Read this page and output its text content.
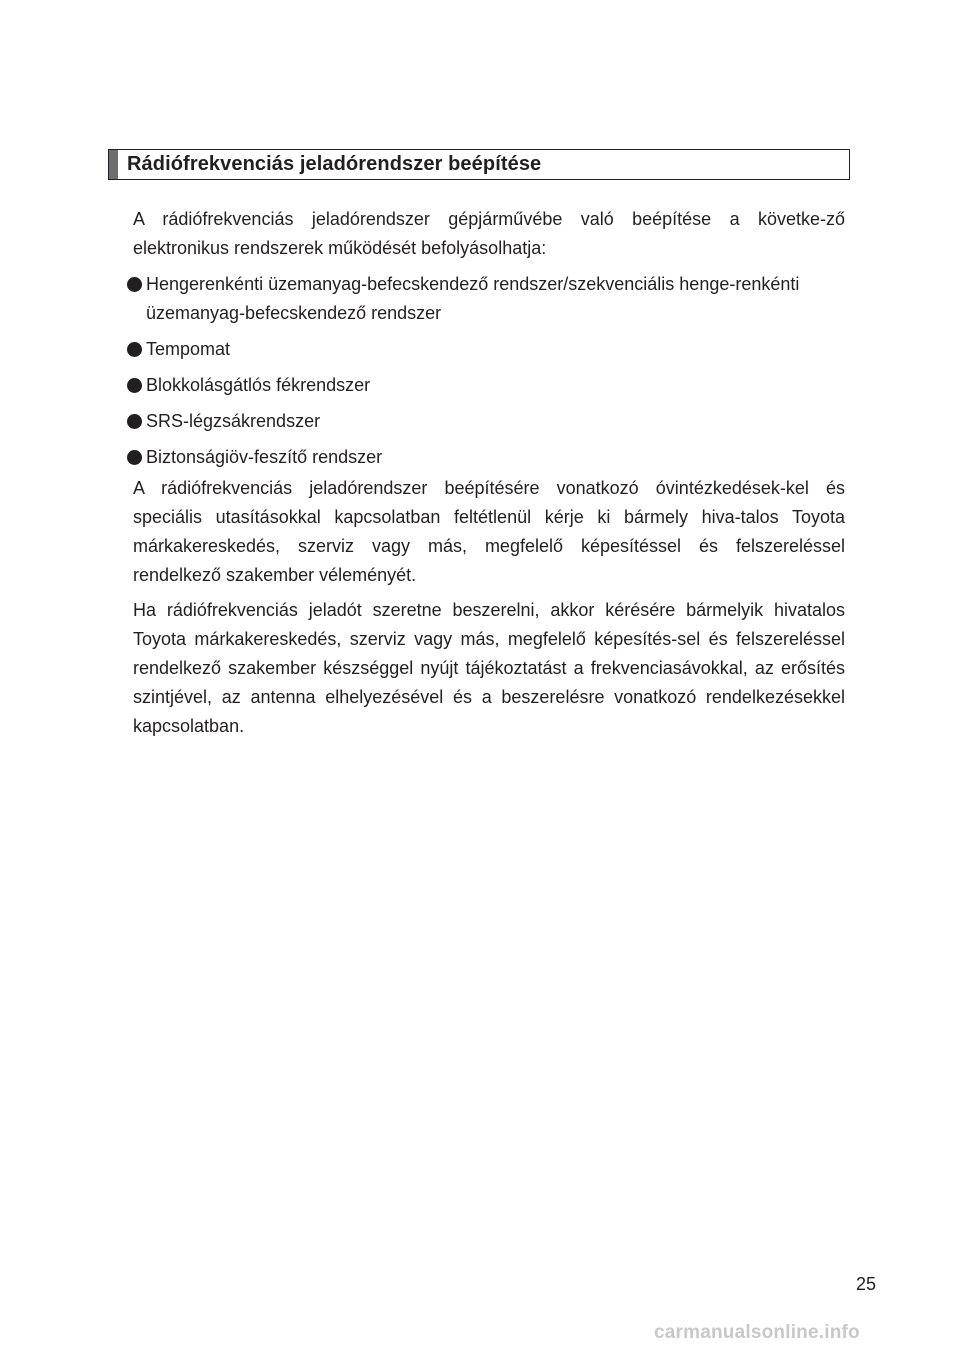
Rádiófrekvenciás jeladórendszer beépítése
A rádiófrekvenciás jeladórendszer gépjárművébe való beépítése a követke-ző elektronikus rendszerek működését befolyásolhatja:
Hengerenkénti üzemanyag-befecskendező rendszer/szekvenciális henge-renkénti üzemanyag-befecskendező rendszer
Tempomat
Blokkolásgátlós fékrendszer
SRS-légzsákrendszer
Biztonságiöv-feszítő rendszer
A rádiófrekvenciás jeladórendszer beépítésére vonatkozó óvintézkedések-kel és speciális utasításokkal kapcsolatban feltétlenül kérje ki bármely hiva-talos Toyota márkakereskedés, szerviz vagy más, megfelelő képesítéssel és felszereléssel rendelkező szakember véleményét.
Ha rádiófrekvenciás jeladót szeretne beszerelni, akkor kérésére bármelyik hivatalos Toyota márkakereskedés, szerviz vagy más, megfelelő képesítés-sel és felszereléssel rendelkező szakember készséggel nyújt tájékoztatást a frekvenciasávokkal, az erősítés szintjével, az antenna elhelyezésével és a beszerelésre vonatkozó rendelkezésekkel kapcsolatban.
25
carmanualsonline.info
